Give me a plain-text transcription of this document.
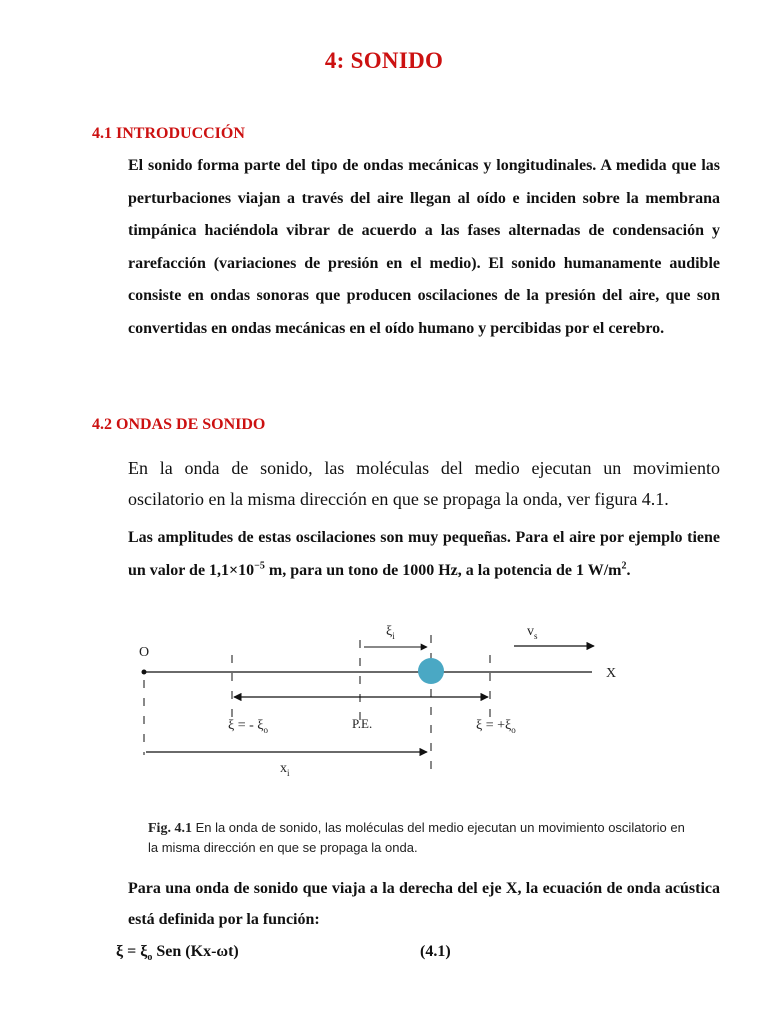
4: SONIDO
4.1 INTRODUCCIÓN

El sonido forma parte del tipo de ondas mecánicas y longitudinales. A medida que las perturbaciones viajan a través del aire llegan al oído e inciden sobre la membrana timpánica haciéndola vibrar de acuerdo a las fases alternadas de condensación y rarefacción (variaciones de presión en el medio). El sonido humanamente audible consiste en ondas sonoras que producen oscilaciones de la presión del aire, que son convertidas en ondas mecánicas en el oído humano y percibidas por el cerebro.

4.2 ONDAS DE SONIDO

En la onda de sonido, las moléculas del medio ejecutan un movimiento oscilatorio en la misma dirección en que se propaga la onda, ver figura 4.1.

Las amplitudes de estas oscilaciones son muy pequeñas. Para el aire por ejemplo tiene un valor de $1,1\times 10^{-5}$ m, para un tono de 1000 Hz, a la potencia de 1 $W/m^2$.

O
X
$\xi_i$	$v_s$
ξ = - $\xi_o$	P.E.	$\xi = +\xi_o$
$x_i$
Fig. 4.1 En la onda de sonido, las moléculas del medio ejecutan un movimiento oscilatorio en la misma dirección en que se propaga la onda.

Para una onda de sonido que viaja a la derecha del eje X, la ecuación de onda acústica está definida por la función:

$\xi = \xi_o$ Sen (Kx-ωt)	(4.1)
